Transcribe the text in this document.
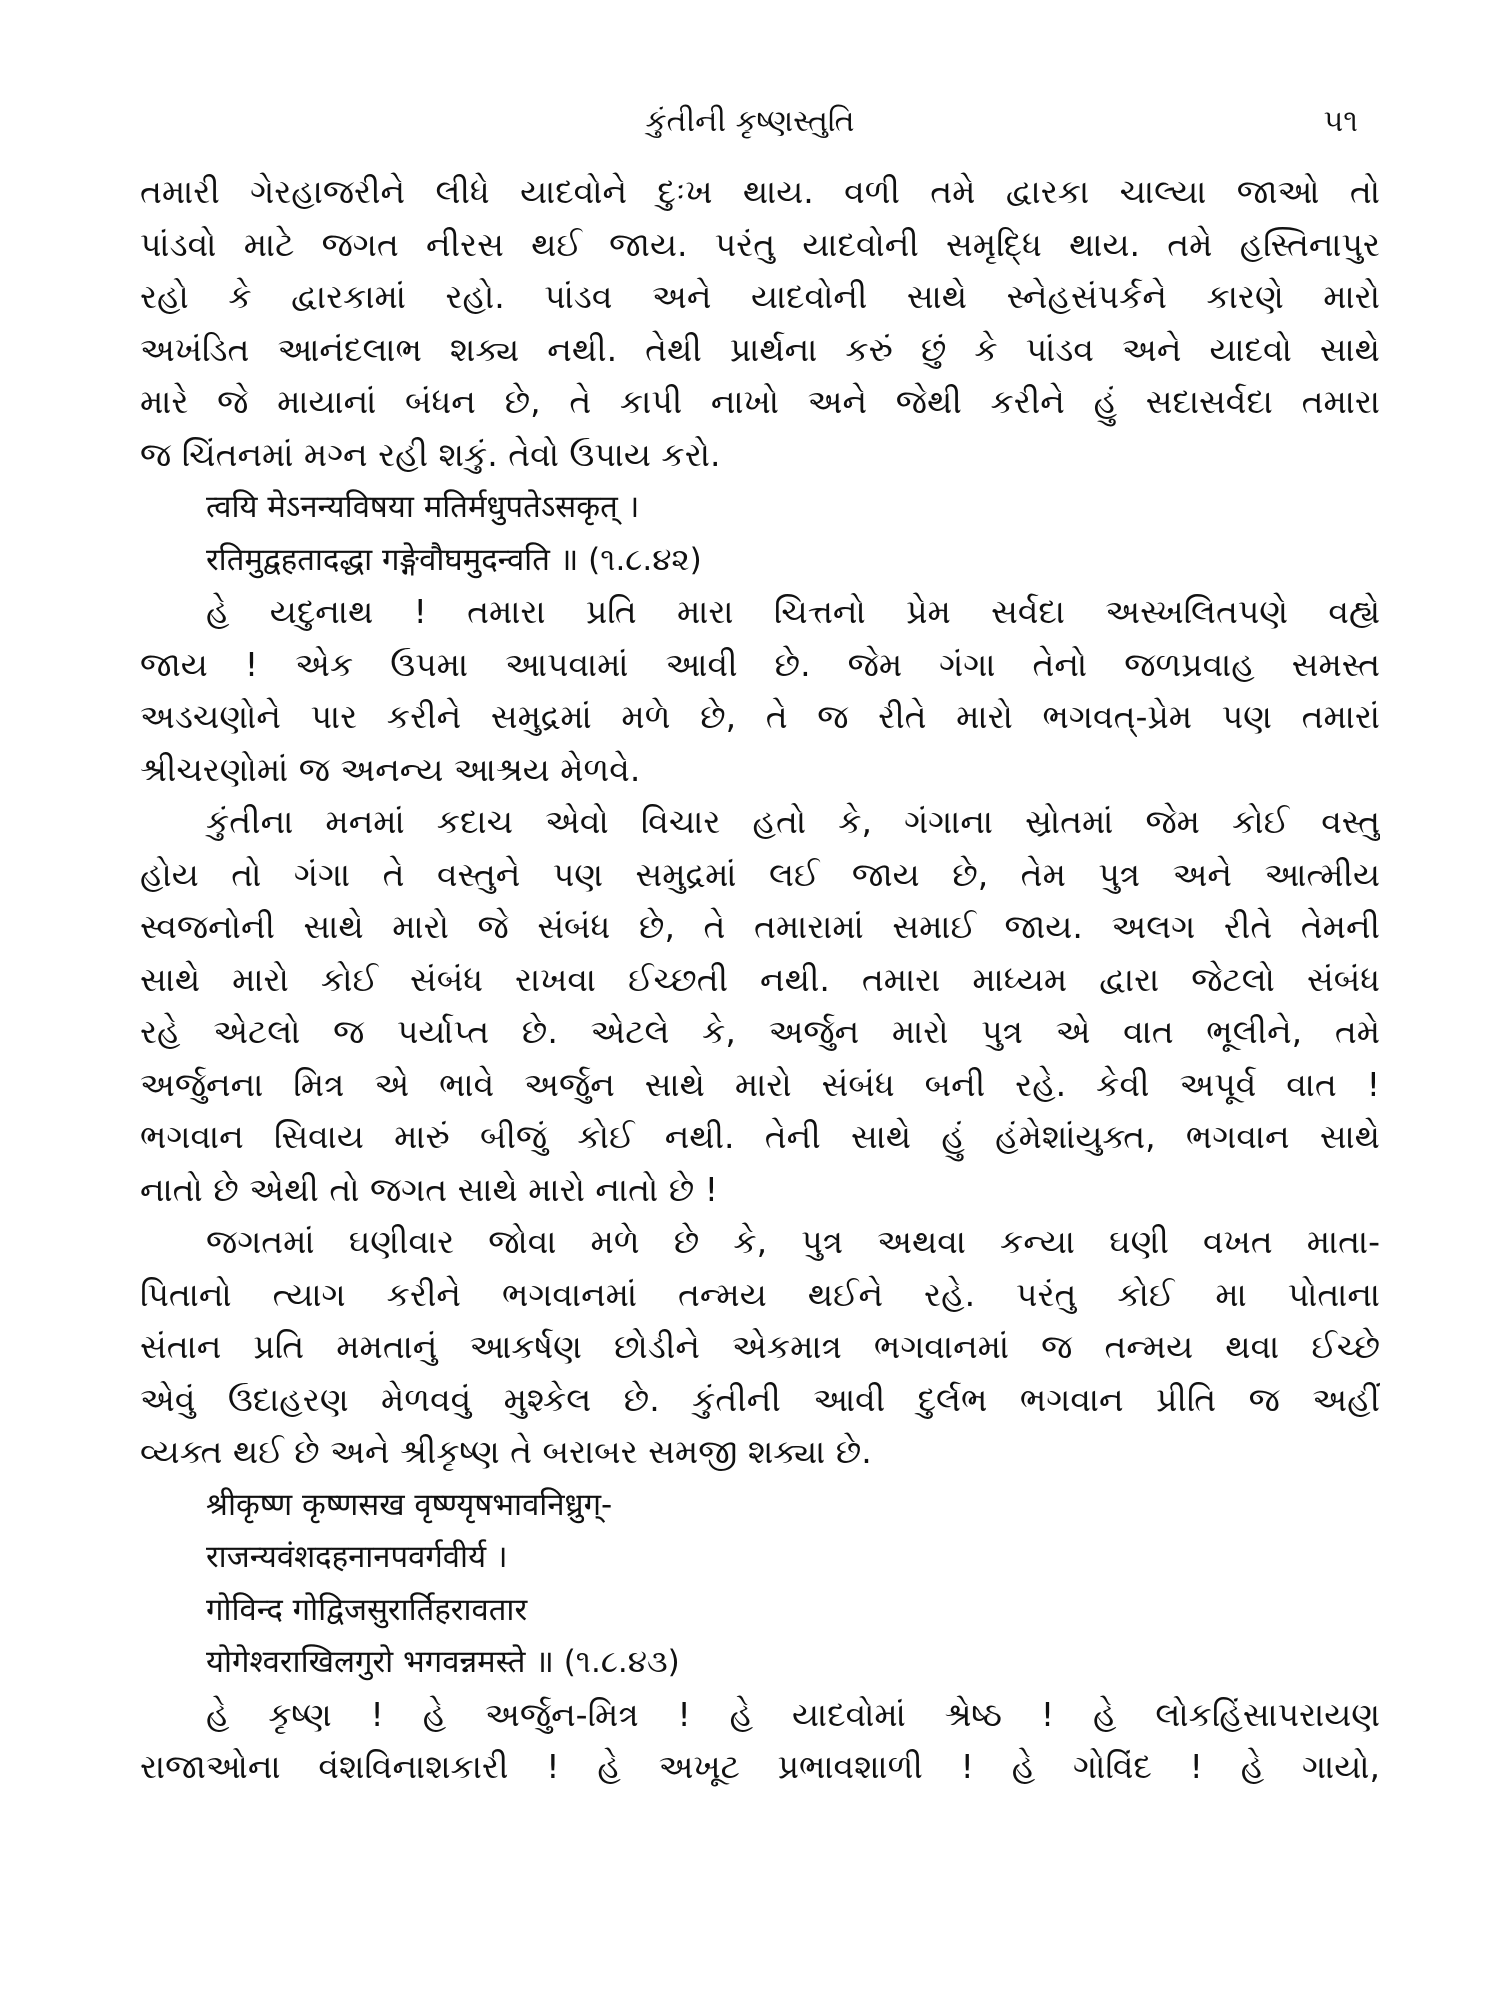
કુંતીની કૃષ્ણસ્તુતિ	૫૧
તમારી ગેરહાજરીને લીધે યાદવોને દુઃખ થાય. વળી તમે દ્વારકા ચાલ્યા જાઓ તો
પાંડવો માટે જગત નીરસ થઈ જાય. પરંતુ યાદવોની સમૃદ્ધિ થાય. તમે હસ્તિનાપુર
રહો કે દ્વારકામાં રહો. પાંડવ અને યાદવોની સાથે સ્નેહસંપર્કને કારણે મારો
અખંડિત આનંદલાભ શક્ય નથી. તેથી પ્રાર્થના કરું છું કે પાંડવ અને યાદવો સાથે
મારે જે માયાનાં બંધન છે, તે કાપી નાખો અને જેથી કરીને હું સદાસર્વદા તમારા
જ ચિંતનમાં મગ્ન રહી શકું. તેવો ઉપાય કરો.
त्वयि मेऽनन्यविषया मतिर्मधुपतेऽसकृत् ।
रतिमुद्वहतादद्धा गङ्गेवौघमुदन्वति ॥ (૧.૮.૪૨)
હે યદુનાથ ! તમારા પ્રતિ મારા ચિત્તનો પ્રેમ સર્વદા અસ્ખલિતપણે વહ્યે
જાય ! એક ઉપમા આપવામાં આવી છે. જેમ ગંગા તેનો જળપ્રવાહ સમસ્ત
અડચણોને પાર કરીને સમુદ્રમાં મળે છે, તે જ રીતે મારો ભગવત્-પ્રેમ પણ તમારાં
શ્રીચરણોમાં જ અનન્ય આશ્રય મેળવે.
કુંતીના મનમાં કદાચ એવો વિચાર હતો કે, ગંગાના સ્રોતમાં જેમ કોઈ વસ્તુ
હોય તો ગંગા તે વસ્તુને પણ સમુદ્રમાં લઈ જાય છે, તેમ પુત્ર અને આત્મીય
સ્વજનોની સાથે મારો જે સંબંધ છે, તે તમારામાં સમાઈ જાય. અલગ રીતે તેમની
સાથે મારો કોઈ સંબંધ રાખવા ઈચ્છતી નથી. તમારા માધ્યમ દ્વારા જેટલો સંબંધ
રહે એટલો જ પર્યાપ્ત છે. એટલે કે, અર્જુન મારો પુત્ર એ વાત ભૂલીને, તમે
અર્જુનના મિત્ર એ ભાવે અર્જુન સાથે મારો સંબંધ બની રહે. કેવી અપૂર્વ વાત !
ભગવાન સિવાય મારું બીજું કોઈ નથી. તેની સાથે હું હંમેશાંયુક્ત, ભગવાન સાથે
નાતો છે એથી તો જગત સાથે મારો નાતો છે !
જગતમાં ઘણીવાર જોવા મળે છે કે, પુત્ર અથવા કન્યા ઘણી વખત માતા-
પિતાનો ત્યાગ કરીને ભગવાનમાં તન્મય થઈને રહે. પરંતુ કોઈ મા પોતાના
સંતાન પ્રતિ મમતાનું આકર્ષણ છોડીને એકમાત્ર ભગવાનમાં જ તન્મય થવા ઈચ્છે
એવું ઉદાહરણ મેળવવું મુશ્કેલ છે. કુંતીની આવી દુર્લભ ભગવાન પ્રીતિ જ અહીં
વ્યક્ત થઈ છે અને શ્રીકૃષ્ણ તે બરાબર સમજી શક્યા છે.
श्रीकृष्ण कृष्णसख वृष्ण्यृषभावनिध्रुग्-
राजन्यवंशदहनानपवर्गवीर्य ।
गोविन्द गोद्विजसुरार्तिहरावतार
योगेश्वराखिलगुरो भगवन्नमस्ते ॥ (૧.૮.૪૩)
હે કૃષ્ણ ! હે અર્જુન-મિત્ર ! હે યાદવોમાં શ્રેષ્ઠ ! હે લોકહિંસાપરાયણ
રાજાઓના વંશવિનાશકારી ! હે અખૂટ પ્રભાવશાળી ! હે ગોવિંદ ! હે ગાયો,
